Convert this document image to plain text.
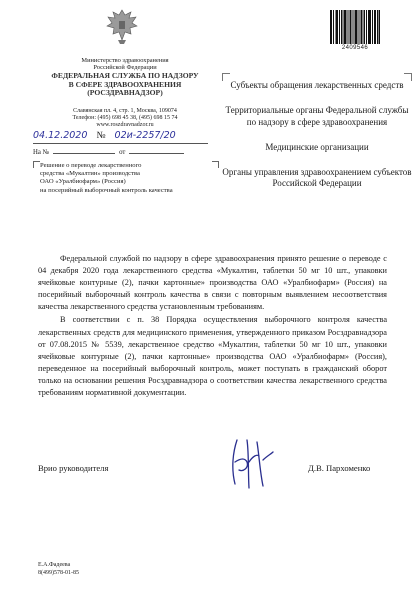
Министерство здравоохранения
Российской Федерации
ФЕДЕРАЛЬНАЯ СЛУЖБА ПО НАДЗОРУ
В СФЕРЕ ЗДРАВООХРАНЕНИЯ
(РОСЗДРАВНАДЗОР)
Славянская пл. 4, стр. 1, Москва, 109074
Телефон: (495) 698 45 38, (495) 698 15 74
www.roszdravnadzor.ru
04.12.2020 № 02и-2257/20
На №	от
Решение о переводе лекарственного
средства «Мукалтин» производства
ОАО «Уралбиофарм» (Россия)
на посерийный выборочный контроль качества
2409546

Субъекты обращения лекарственных средств

Территориальные органы Федеральной службы по надзору в сфере здравоохранения

Медицинские организации

Органы управления здравоохранением субъектов Российской Федерации

Федеральной службой по надзору в сфере здравоохранения принято решение о переводе с 04 декабря 2020 года лекарственного средства «Мукалтин, таблетки 50 мг 10 шт., упаковки ячейковые контурные (2), пачки картонные» производства ОАО «Уралбиофарм» (Россия) на посерийный выборочный контроль качества в связи с повторным выявлением несоответствия качества лекарственного средства установленным требованиям.

В соответствии с п. 38 Порядка осуществления выборочного контроля качества лекарственных средств для медицинского применения, утвержденного приказом Росздравнадзора от 07.08.2015 № 5539, лекарственное средство «Мукалтин, таблетки 50 мг 10 шт., упаковки ячейковые контурные (2), пачки картонные» производства ОАО «Уралбиофарм» (Россия), переведенное на посерийный выборочный контроль, может поступать в гражданский оборот только на основании решения Росздравнадзора о соответствии качества лекарственного средства требованиям нормативной документации.

Врио руководителя	Д.В. Пархоменко
Е.А.Фадеева
8(499)578-01-85
